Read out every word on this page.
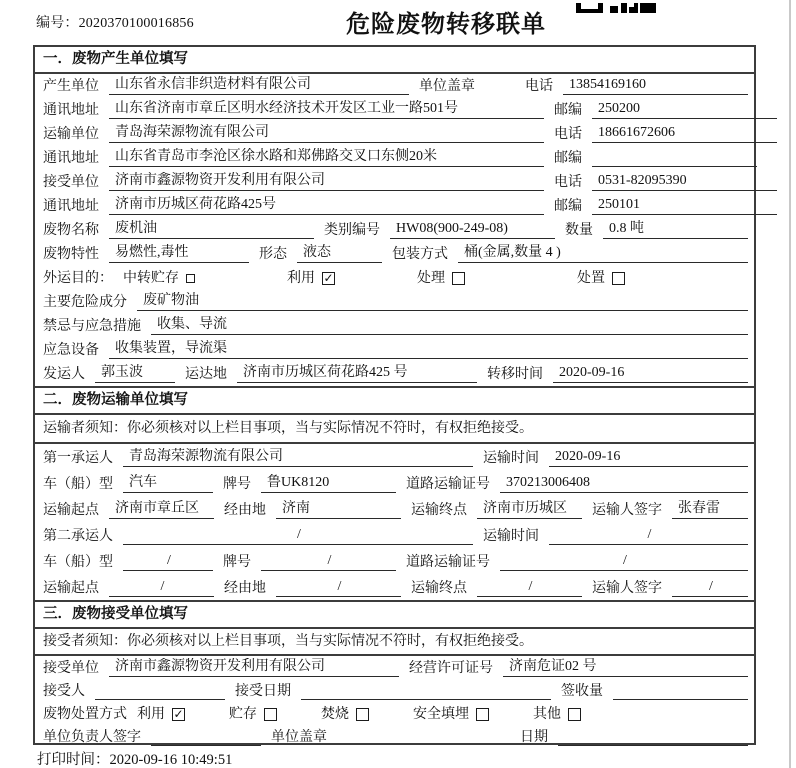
编号：2020370100016856	危险废物转移联单
一．废物产生单位填写
产生单位	山东省永信非织造材料有限公司	单位盖章	电话	13854169160
通讯地址	山东省济南市章丘区明水经济技术开发区工业一路501号	邮编	250200
运输单位	青岛海荣源物流有限公司	电话	18661672606
通讯地址	山东省青岛市李沧区徐水路和郑佛路交叉口东侧20米	邮编
接受单位	济南市鑫源物资开发利用有限公司	电话	0531-82095390
通讯地址	济南市历城区荷花路425号	邮编	250101
废物名称	废机油	类别编号	HW08(900-249-08)	数量	0.8 吨
废物特性	易燃性,毒性	形态	液态	包装方式	桶(金属,数量 4 )
外运目的： 中转贮存	利用 ✓	处理	处置
主要危险成分	废矿物油
禁忌与应急措施	收集、导流
应急设备	收集装置，导流渠
发运人	郭玉波	运达地	济南市历城区荷花路425 号	转移时间	2020-09-16
二．废物运输单位填写
运输者须知：你必须核对以上栏目事项，当与实际情况不符时，有权拒绝接受。
第一承运人	青岛海荣源物流有限公司	运输时间	2020-09-16
车（船）型	汽车	牌号	鲁UK8120	道路运输证号	370213006408
运输起点	济南市章丘区	经由地	济南	运输终点	济南市历城区	运输人签字	张春雷
第二承运人	/	运输时间	/
车（船）型	/	牌号	/	道路运输证号	/
运输起点	/	经由地	/	运输终点	/	运输人签字	/
三．废物接受单位填写
接受者须知：你必须核对以上栏目事项，当与实际情况不符时，有权拒绝接受。
接受单位	济南市鑫源物资开发利用有限公司	经营许可证号	济南危证02 号
接受人	接受日期	签收量
废物处置方式 利用 ✓	贮存	焚烧	安全填埋	其他
单位负责人签字	单位盖章	日期
打印时间：2020-09-16 10:49:51
